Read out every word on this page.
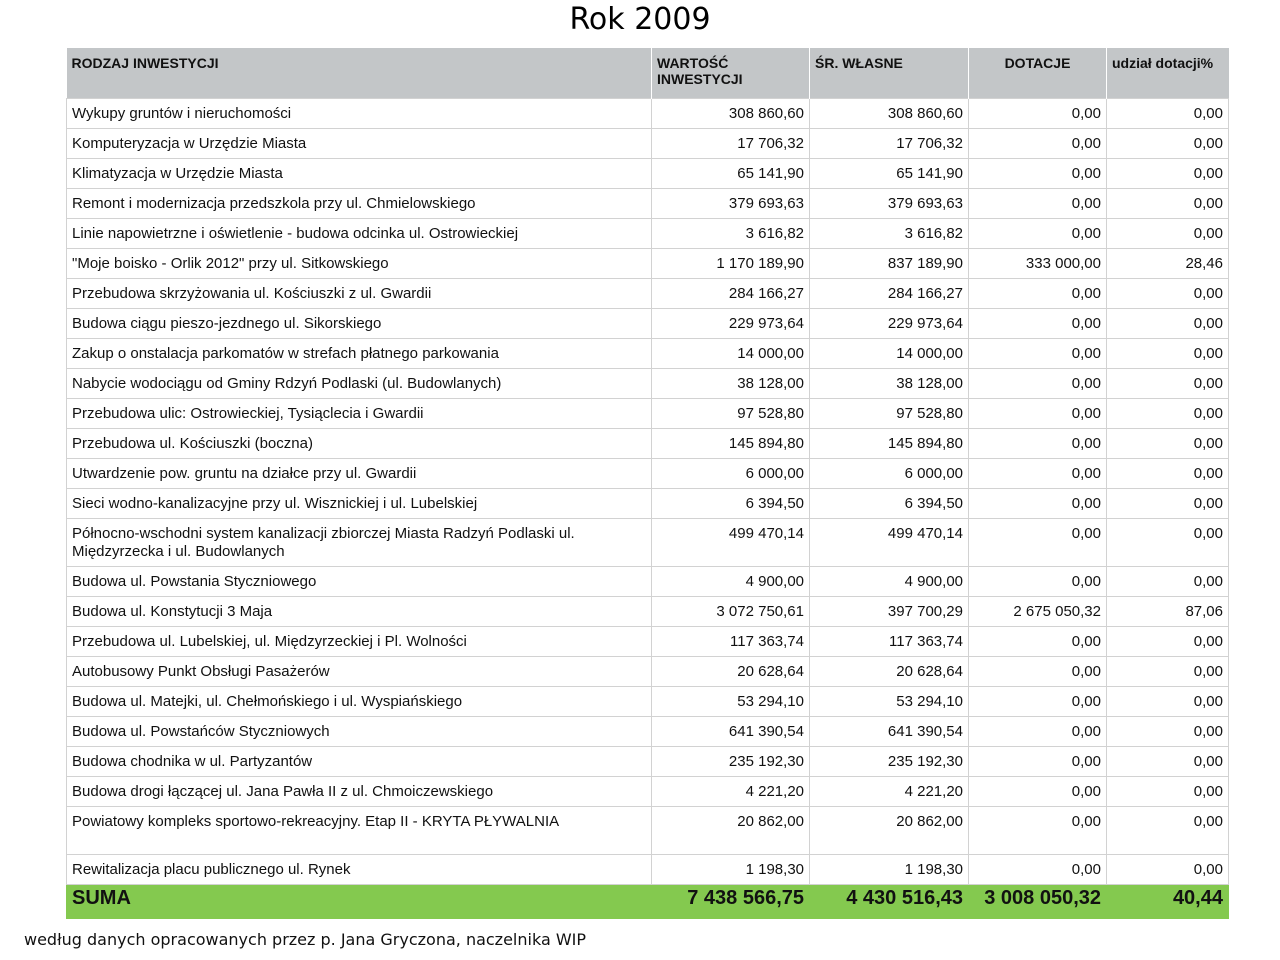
Rok 2009
RODZAJ INWESTYCJI	WARTOŚĆ INWESTYCJI	ŚR. WŁASNE	DOTACJE	udział dotacji%
Wykupy gruntów i nieruchomości	308 860,60	308 860,60	0,00	0,00
Komputeryzacja w Urzędzie Miasta	17 706,32	17 706,32	0,00	0,00
Klimatyzacja w Urzędzie Miasta	65 141,90	65 141,90	0,00	0,00
Remont i modernizacja przedszkola przy ul. Chmielowskiego	379 693,63	379 693,63	0,00	0,00
Linie napowietrzne i oświetlenie - budowa odcinka ul. Ostrowieckiej	3 616,82	3 616,82	0,00	0,00
"Moje boisko - Orlik 2012" przy ul. Sitkowskiego	1 170 189,90	837 189,90	333 000,00	28,46
Przebudowa skrzyżowania ul. Kościuszki z ul. Gwardii	284 166,27	284 166,27	0,00	0,00
Budowa ciągu pieszo-jezdnego ul. Sikorskiego	229 973,64	229 973,64	0,00	0,00
Zakup o onstalacja parkomatów w strefach płatnego parkowania	14 000,00	14 000,00	0,00	0,00
Nabycie wodociągu od Gminy Rdzyń Podlaski (ul. Budowlanych)	38 128,00	38 128,00	0,00	0,00
Przebudowa ulic: Ostrowieckiej, Tysiąclecia i Gwardii	97 528,80	97 528,80	0,00	0,00
Przebudowa ul. Kościuszki (boczna)	145 894,80	145 894,80	0,00	0,00
Utwardzenie pow. gruntu na działce przy ul. Gwardii	6 000,00	6 000,00	0,00	0,00
Sieci wodno-kanalizacyjne przy ul. Wisznickiej i ul. Lubelskiej	6 394,50	6 394,50	0,00	0,00
Północno-wschodni system kanalizacji zbiorczej Miasta Radzyń Podlaski ul. Międzyrzecka i ul. Budowlanych	499 470,14	499 470,14	0,00	0,00
Budowa ul. Powstania Styczniowego	4 900,00	4 900,00	0,00	0,00
Budowa ul. Konstytucji 3 Maja	3 072 750,61	397 700,29	2 675 050,32	87,06
Przebudowa ul. Lubelskiej, ul. Międzyrzeckiej i Pl. Wolności	117 363,74	117 363,74	0,00	0,00
Autobusowy Punkt Obsługi Pasażerów	20 628,64	20 628,64	0,00	0,00
Budowa ul. Matejki, ul. Chełmońskiego i ul. Wyspiańskiego	53 294,10	53 294,10	0,00	0,00
Budowa ul. Powstańców Styczniowych	641 390,54	641 390,54	0,00	0,00
Budowa chodnika w ul. Partyzantów	235 192,30	235 192,30	0,00	0,00
Budowa drogi łączącej ul. Jana Pawła II z ul. Chmoiczewskiego	4 221,20	4 221,20	0,00	0,00
Powiatowy kompleks sportowo-rekreacyjny. Etap II - KRYTA PŁYWALNIA	20 862,00	20 862,00	0,00	0,00
Rewitalizacja placu publicznego ul. Rynek	1 198,30	1 198,30	0,00	0,00
SUMA	7 438 566,75	4 430 516,43	3 008 050,32	40,44
według danych opracowanych przez p. Jana Gryczona, naczelnika WIP
